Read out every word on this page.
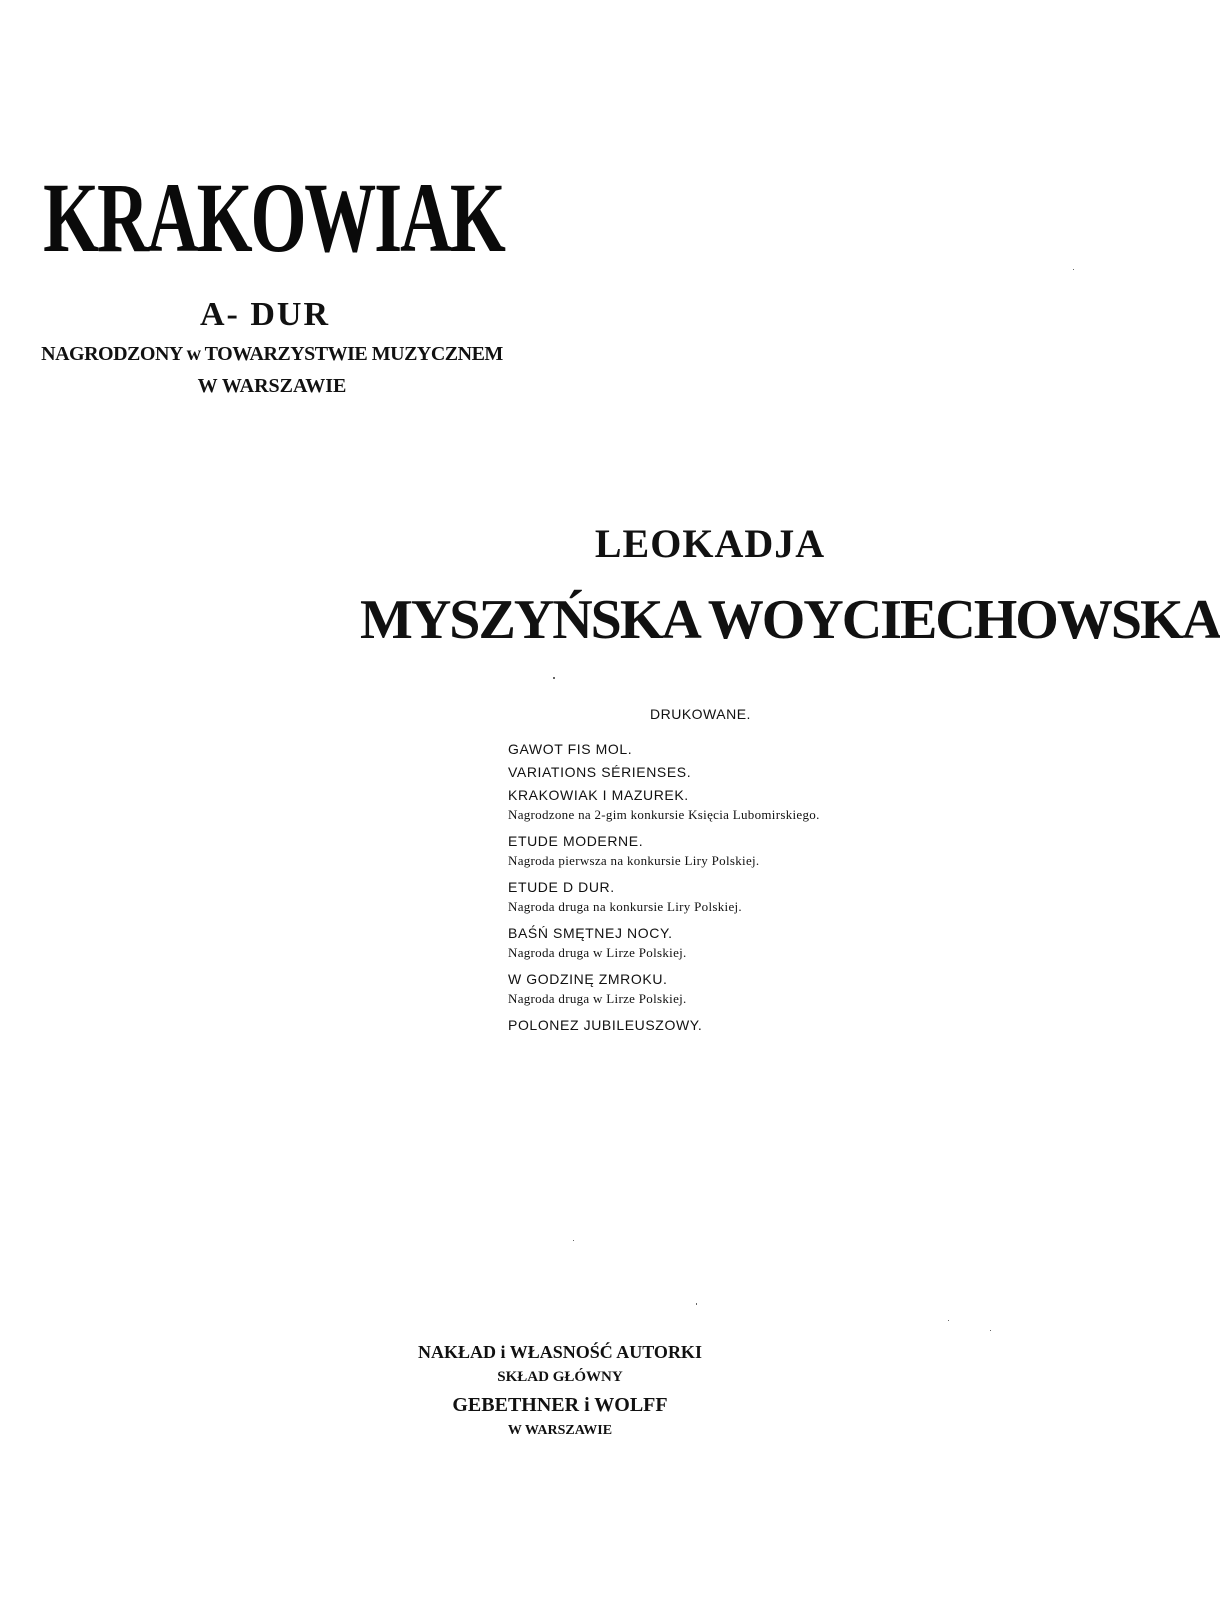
KRAKOWIAK
A- DUR
NAGRODZONY w TOWARZYSTWIE MUZYCZNEM
W WARSZAWIE
LEOKADJA
MYSZYŃSKA WOYCIECHOWSKA
DRUKOWANE.
GAWOT FIS MOL.
VARIATIONS SÉRIENSES.
KRAKOWIAK I MAZUREK.
Nagrodzone na 2-gim konkursie Księcia Lubomirskiego.
ETUDE MODERNE.
Nagroda pierwsza na konkursie Liry Polskiej.
ETUDE D DUR.
Nagroda druga na konkursie Liry Polskiej.
BAŚŃ SMĘTNEJ NOCY.
Nagroda druga w Lirze Polskiej.
W GODZINĘ ZMROKU.
Nagroda druga w Lirze Polskiej.
POLONEZ JUBILEUSZOWY.
NAKŁAD i WŁASNOŚĆ AUTORKI
SKŁAD GŁÓWNY
GEBETHNER i WOLFF
W WARSZAWIE
